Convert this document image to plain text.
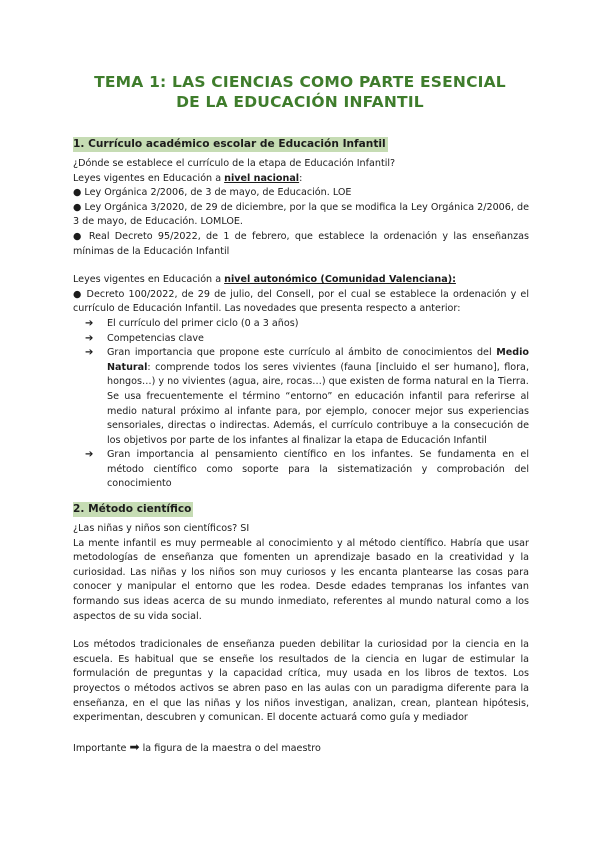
TEMA 1: LAS CIENCIAS COMO PARTE ESENCIAL
DE LA EDUCACIÓN INFANTIL
1. Currículo académico escolar de Educación Infantil

¿Dónde se establece el currículo de la etapa de Educación Infantil?

Leyes vigentes en Educación a nivel nacional:

● Ley Orgánica 2/2006, de 3 de mayo, de Educación. LOE

● Ley Orgánica 3/2020, de 29 de diciembre, por la que se modifica la Ley Orgánica 2/2006, de 3 de mayo, de Educación. LOMLOE.

● Real Decreto 95/2022, de 1 de febrero, que establece la ordenación y las enseñanzas mínimas de la Educación Infantil

Leyes vigentes en Educación a nivel autonómico (Comunidad Valenciana):

● Decreto 100/2022, de 29 de julio, del Consell, por el cual se establece la ordenación y el currículo de Educación Infantil. Las novedades que presenta respecto a anterior:

➔ El currículo del primer ciclo (0 a 3 años)
➔ Competencias clave
➔ Gran importancia que propone este currículo al ámbito de conocimientos del Medio Natural: comprende todos los seres vivientes (fauna [incluido el ser humano], flora, hongos…) y no vivientes (agua, aire, rocas…) que existen de forma natural en la Tierra.

Se usa frecuentemente el término “entorno” en educación infantil para referirse al medio natural próximo al infante para, por ejemplo, conocer mejor sus experiencias sensoriales, directas o indirectas. Además, el currículo contribuye a la consecución de los objetivos por parte de los infantes al finalizar la etapa de Educación Infantil

➔ Gran importancia al pensamiento científico en los infantes. Se fundamenta en el método científico como soporte para la sistematización y comprobación del conocimiento
2. Método científico

¿Las niñas y niños son científicos? SI

La mente infantil es muy permeable al conocimiento y al método científico. Habría que usar metodologías de enseñanza que fomenten un aprendizaje basado en la creatividad y la curiosidad. Las niñas y los niños son muy curiosos y les encanta plantearse las cosas para conocer y manipular el entorno que les rodea. Desde edades tempranas los infantes van formando sus ideas acerca de su mundo inmediato, referentes al mundo natural como a los aspectos de su vida social.

Los métodos tradicionales de enseñanza pueden debilitar la curiosidad por la ciencia en la escuela. Es habitual que se enseñe los resultados de la ciencia en lugar de estimular la formulación de preguntas y la capacidad crítica, muy usada en los libros de textos. Los proyectos o métodos activos se abren paso en las aulas con un paradigma diferente para la enseñanza, en el que las niñas y los niños investigan, analizan, crean, plantean hipótesis, experimentan, descubren y comunican. El docente actuará como guía y mediador

Importante ➡ la figura de la maestra o del maestro
